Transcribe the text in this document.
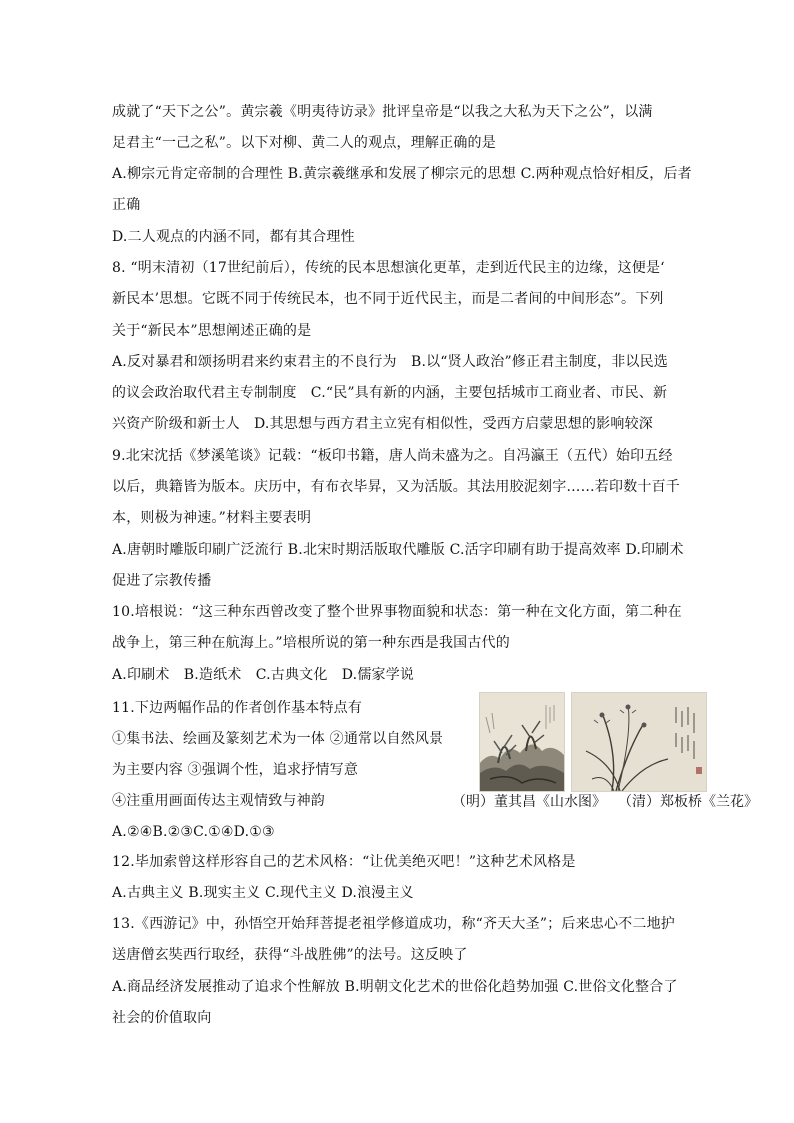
成就了“天下之公”。黄宗羲《明夷待访录》批评皇帝是“以我之大私为天下之公”，以满
足君主“一己之私”。以下对柳、黄二人的观点，理解正确的是
A.柳宗元肯定帝制的合理性 B.黄宗羲继承和发展了柳宗元的思想 C.两种观点恰好相反，后者
正确
D.二人观点的内涵不同，都有其合理性
8. “明末清初（17世纪前后），传统的民本思想演化更革，走到近代民主的边缘，这便是‘
新民本’思想。它既不同于传统民本，也不同于近代民主，而是二者间的中间形态”。下列
关于“新民本”思想阐述正确的是
A.反对暴君和颂扬明君来约束君主的不良行为　B.以“贤人政治”修正君主制度，非以民选
的议会政治取代君主专制制度　C.“民”具有新的内涵，主要包括城市工商业者、市民、新
兴资产阶级和新士人　D.其思想与西方君主立宪有相似性，受西方启蒙思想的影响较深
9.北宋沈括《梦溪笔谈》记载：“板印书籍，唐人尚未盛为之。自冯瀛王（五代）始印五经
以后，典籍皆为版本。庆历中，有布衣毕昇，又为活版。其法用胶泥刻字……若印数十百千
本，则极为神速。”材料主要表明
A.唐朝时雕版印刷广泛流行 B.北宋时期活版取代雕版 C.活字印刷有助于提高效率 D.印刷术
促进了宗教传播
10.培根说：“这三种东西曾改变了整个世界事物面貌和状态：第一种在文化方面，第二种在
战争上，第三种在航海上。”培根所说的第一种东西是我国古代的
A.印刷术　B.造纸术　C.古典文化　D.儒家学说
11.下边两幅作品的作者创作基本特点有
①集书法、绘画及篆刻艺术为一体 ②通常以自然风景
为主要内容 ③强调个性，追求抒情写意
④注重用画面传达主观情致与神韵
A.②④B.②③C.①④D.①③
12.毕加索曾这样形容自己的艺术风格：“让优美绝灭吧！”这种艺术风格是
A.古典主义 B.现实主义 C.现代主义 D.浪漫主义
13.《西游记》中，孙悟空开始拜菩提老祖学修道成功，称“齐天大圣”；后来忠心不二地护
送唐僧玄奘西行取经，获得“斗战胜佛”的法号。这反映了
A.商品经济发展推动了追求个性解放 B.明朝文化艺术的世俗化趋势加强 C.世俗文化整合了
社会的价值取向
（明）董其昌《山水图》 （清）郑板桥《兰花》
